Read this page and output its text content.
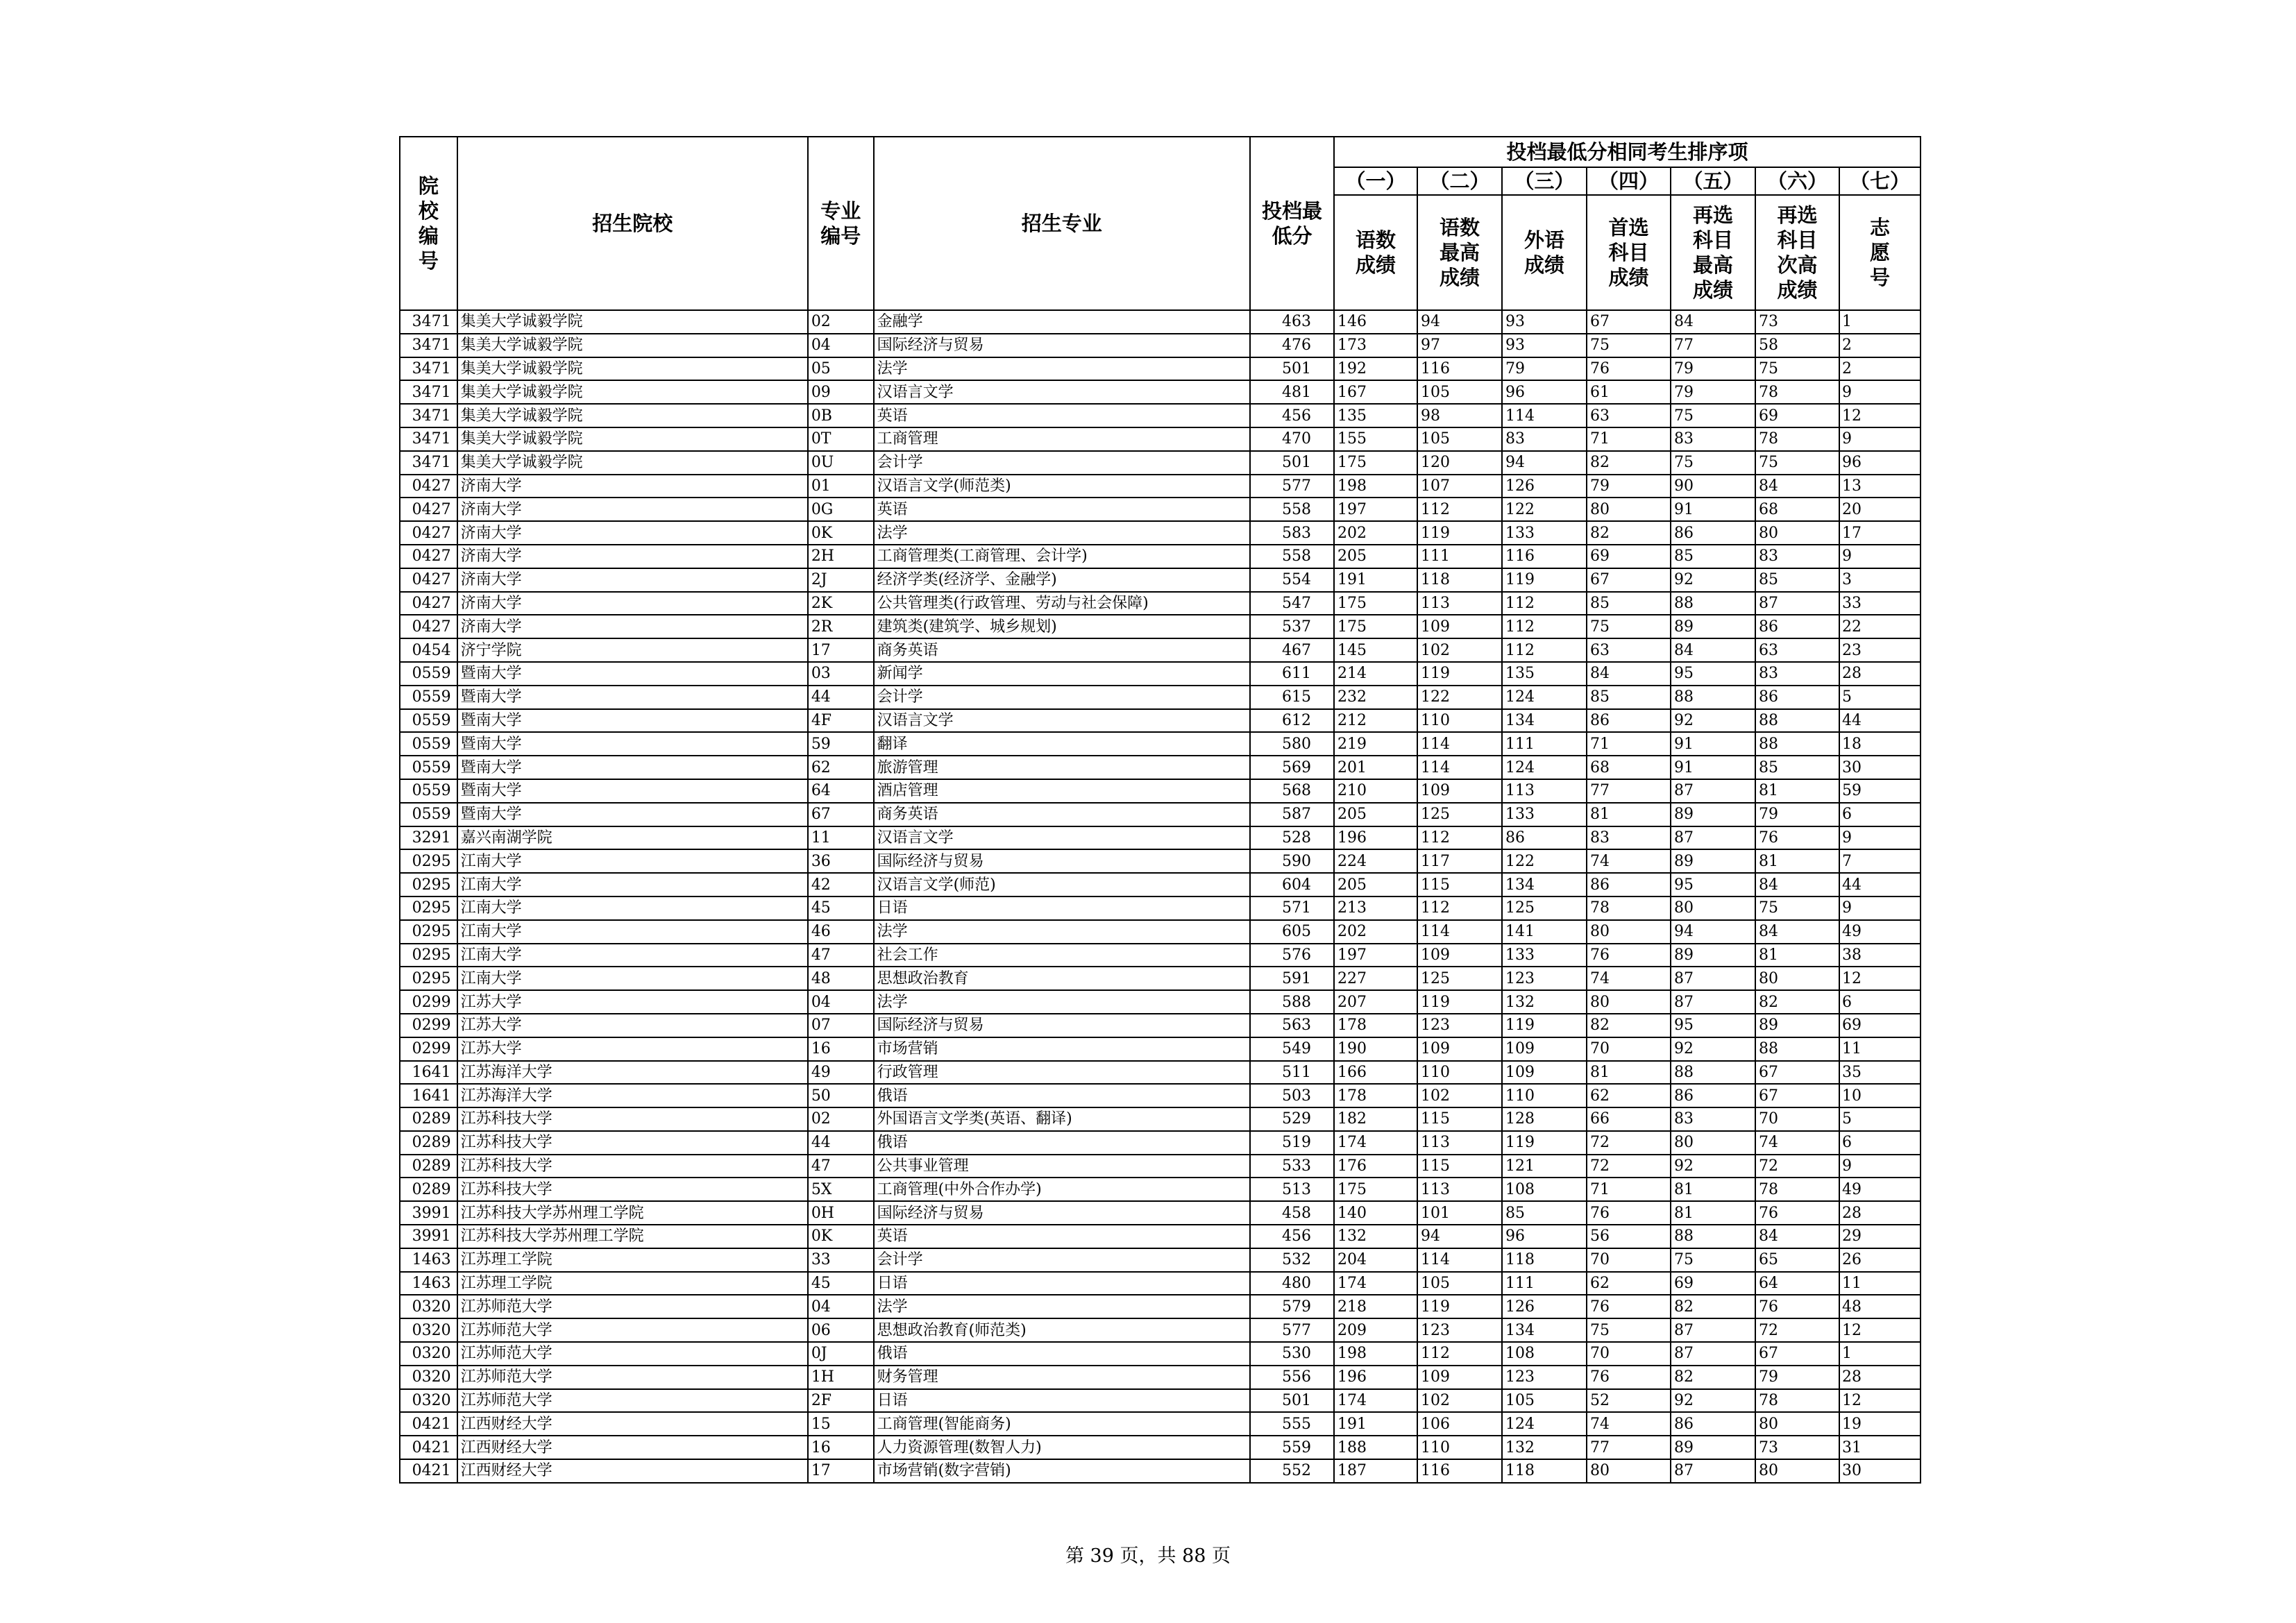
院校编号	招生院校	专业编号	招生专业	投档最低分	投档最低分相同考生排序项						
					（一）	（二）	（三）	（四）	（五）	（六）	（七）
					语数成绩	语数最高成绩	外语成绩	首选科目成绩	再选科目最高成绩	再选科目次高成绩	志愿号
3471	集美大学诚毅学院	02	金融学	463	146	94	93	67	84	73	1
3471	集美大学诚毅学院	04	国际经济与贸易	476	173	97	93	75	77	58	2
3471	集美大学诚毅学院	05	法学	501	192	116	79	76	79	75	2
3471	集美大学诚毅学院	09	汉语言文学	481	167	105	96	61	79	78	9
3471	集美大学诚毅学院	0B	英语	456	135	98	114	63	75	69	12
3471	集美大学诚毅学院	0T	工商管理	470	155	105	83	71	83	78	9
3471	集美大学诚毅学院	0U	会计学	501	175	120	94	82	75	75	96
0427	济南大学	01	汉语言文学(师范类)	577	198	107	126	79	90	84	13
0427	济南大学	0G	英语	558	197	112	122	80	91	68	20
0427	济南大学	0K	法学	583	202	119	133	82	86	80	17
0427	济南大学	2H	工商管理类(工商管理、会计学)	558	205	111	116	69	85	83	9
0427	济南大学	2J	经济学类(经济学、金融学)	554	191	118	119	67	92	85	3
0427	济南大学	2K	公共管理类(行政管理、劳动与社会保障)	547	175	113	112	85	88	87	33
0427	济南大学	2R	建筑类(建筑学、城乡规划)	537	175	109	112	75	89	86	22
0454	济宁学院	17	商务英语	467	145	102	112	63	84	63	23
0559	暨南大学	03	新闻学	611	214	119	135	84	95	83	28
0559	暨南大学	44	会计学	615	232	122	124	85	88	86	5
0559	暨南大学	4F	汉语言文学	612	212	110	134	86	92	88	44
0559	暨南大学	59	翻译	580	219	114	111	71	91	88	18
0559	暨南大学	62	旅游管理	569	201	114	124	68	91	85	30
0559	暨南大学	64	酒店管理	568	210	109	113	77	87	81	59
0559	暨南大学	67	商务英语	587	205	125	133	81	89	79	6
3291	嘉兴南湖学院	11	汉语言文学	528	196	112	86	83	87	76	9
0295	江南大学	36	国际经济与贸易	590	224	117	122	74	89	81	7
0295	江南大学	42	汉语言文学(师范)	604	205	115	134	86	95	84	44
0295	江南大学	45	日语	571	213	112	125	78	80	75	9
0295	江南大学	46	法学	605	202	114	141	80	94	84	49
0295	江南大学	47	社会工作	576	197	109	133	76	89	81	38
0295	江南大学	48	思想政治教育	591	227	125	123	74	87	80	12
0299	江苏大学	04	法学	588	207	119	132	80	87	82	6
0299	江苏大学	07	国际经济与贸易	563	178	123	119	82	95	89	69
0299	江苏大学	16	市场营销	549	190	109	109	70	92	88	11
1641	江苏海洋大学	49	行政管理	511	166	110	109	81	88	67	35
1641	江苏海洋大学	50	俄语	503	178	102	110	62	86	67	10
0289	江苏科技大学	02	外国语言文学类(英语、翻译)	529	182	115	128	66	83	70	5
0289	江苏科技大学	44	俄语	519	174	113	119	72	80	74	6
0289	江苏科技大学	47	公共事业管理	533	176	115	121	72	92	72	9
0289	江苏科技大学	5X	工商管理(中外合作办学)	513	175	113	108	71	81	78	49
3991	江苏科技大学苏州理工学院	0H	国际经济与贸易	458	140	101	85	76	81	76	28
3991	江苏科技大学苏州理工学院	0K	英语	456	132	94	96	56	88	84	29
1463	江苏理工学院	33	会计学	532	204	114	118	70	75	65	26
1463	江苏理工学院	45	日语	480	174	105	111	62	69	64	11
0320	江苏师范大学	04	法学	579	218	119	126	76	82	76	48
0320	江苏师范大学	06	思想政治教育(师范类)	577	209	123	134	75	87	72	12
0320	江苏师范大学	0J	俄语	530	198	112	108	70	87	67	1
0320	江苏师范大学	1H	财务管理	556	196	109	123	76	82	79	28
0320	江苏师范大学	2F	日语	501	174	102	105	52	92	78	12
0421	江西财经大学	15	工商管理(智能商务)	555	191	106	124	74	86	80	19
0421	江西财经大学	16	人力资源管理(数智人力)	559	188	110	132	77	89	73	31
0421	江西财经大学	17	市场营销(数字营销)	552	187	116	118	80	87	80	30
第 39 页，共 88 页
